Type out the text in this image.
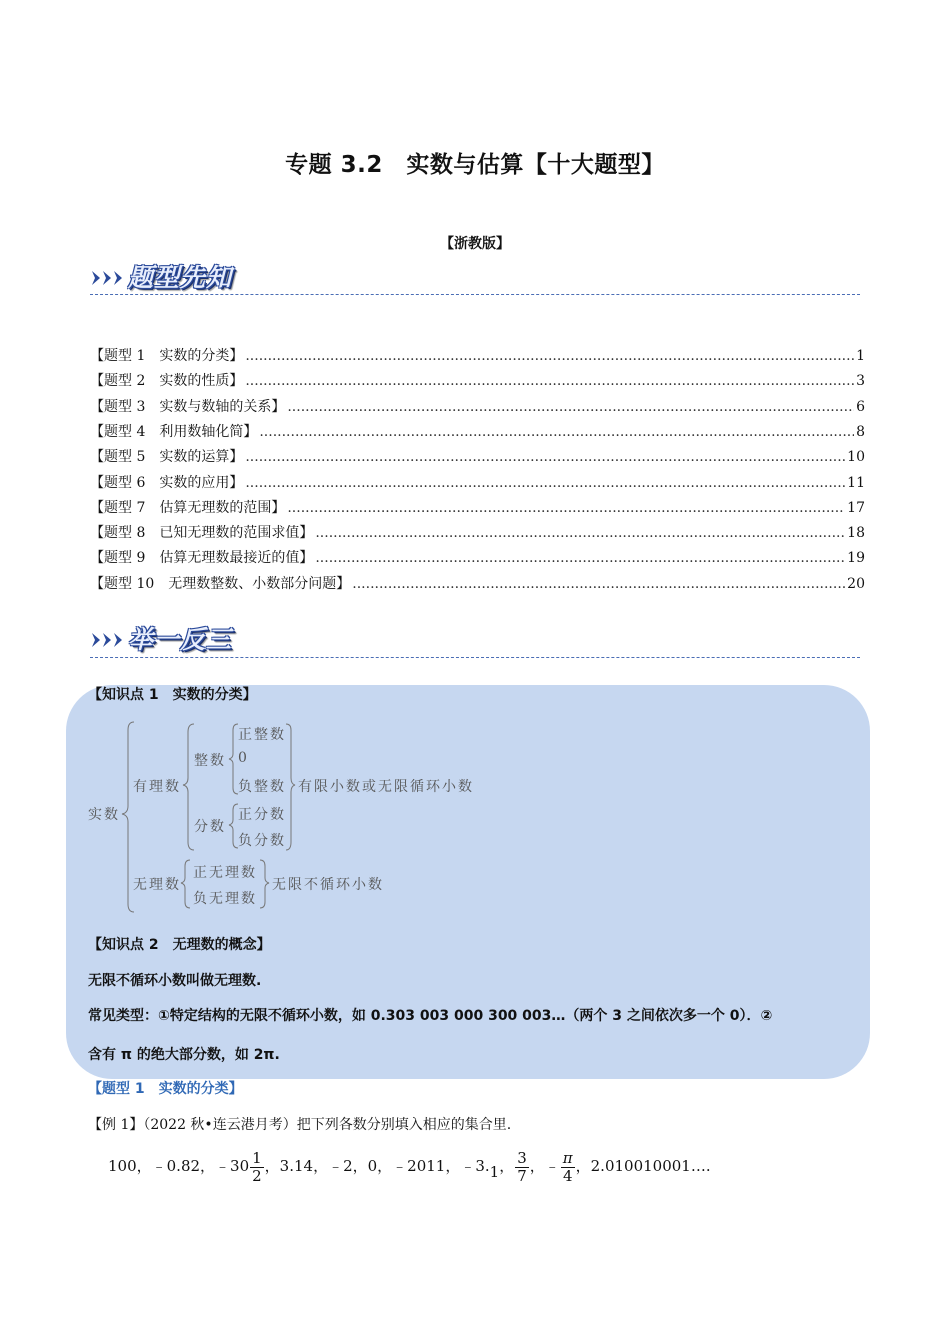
专题 3.2　实数与估算【十大题型】
【浙教版】
题型先知
【题型 1　实数的分类】 .....	1
【题型 2　实数的性质】 .....	3
【题型 3　实数与数轴的关系】 .....	6
【题型 4　利用数轴化简】 .....	8
【题型 5　实数的运算】 .....	10
【题型 6　实数的应用】 .....	11
【题型 7　估算无理数的范围】 .....	17
【题型 8　已知无理数的范围求值】 .....	18
【题型 9　估算无理数最接近的值】 .....	19
【题型 10　无理数整数、小数部分问题】 .....	20
举一反三
【知识点 1　实数的分类】
实数
有理数
整数
正整数
0
负整数 有限小数或无限循环小数
分数
正分数
负分数
无理数
正无理数
负无理数
无限不循环小数
【知识点 2　无理数的概念】
无限不循环小数叫做无理数.
常见类型：①特定结构的无限不循环小数，如 0.303 003 000 300 003…（两个 3 之间依次多一个 0）．②
含有 π 的绝大部分数，如 2π.
【题型 1　实数的分类】
【例 1】（2022 秋•连云港月考）把下列各数分别填入相应的集合里.
100，﹣0.82，﹣30 $\frac{1}{2}$ ，3.14，﹣2，0，﹣2011，﹣3.1， $\frac{3}{7}$ ，﹣ $\frac{\pi}{4}$ ，2.010010001….
